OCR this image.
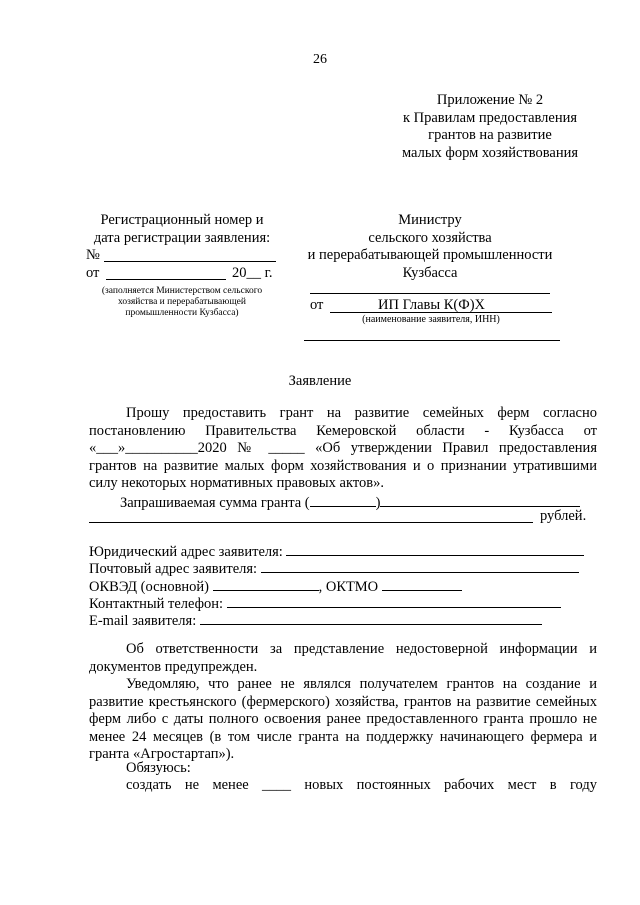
26
Приложение № 2
к Правилам предоставления
грантов на развитие
малых форм хозяйствования
Регистрационный номер и
дата регистрации заявления:
№
от	20__ г.
(заполняется Министерством сельского хозяйства и перерабатывающей промышленности Кузбасса)
Министру
сельского хозяйства
и перерабатывающей промышленности
Кузбасса
от	ИП Главы К(Ф)Х
(наименование заявителя, ИНН)
Заявление
Прошу предоставить грант на развитие семейных ферм согласно постановлению Правительства Кемеровской области - Кузбасса от «___»__________2020 № _____ «Об утверждении Правил предоставления грантов на развитие малых форм хозяйствования и о признании утратившими силу некоторых нормативных правовых актов».
Запрашиваемая сумма гранта (	)
рублей.
Юридический адрес заявителя:
Почтовый адрес заявителя:
ОКВЭД (основной)	, ОКТМО
Контактный телефон:
E-mail заявителя:
Об ответственности за представление недостоверной информации и документов предупрежден.
Уведомляю, что ранее не являлся получателем грантов на создание и развитие крестьянского (фермерского) хозяйства, грантов на развитие семейных ферм либо с даты полного освоения ранее предоставленного гранта прошло не менее 24 месяцев (в том числе гранта на поддержку начинающего фермера и гранта «Агростартап»).
Обязуюсь:
создать не менее ____ новых постоянных рабочих мест в году
